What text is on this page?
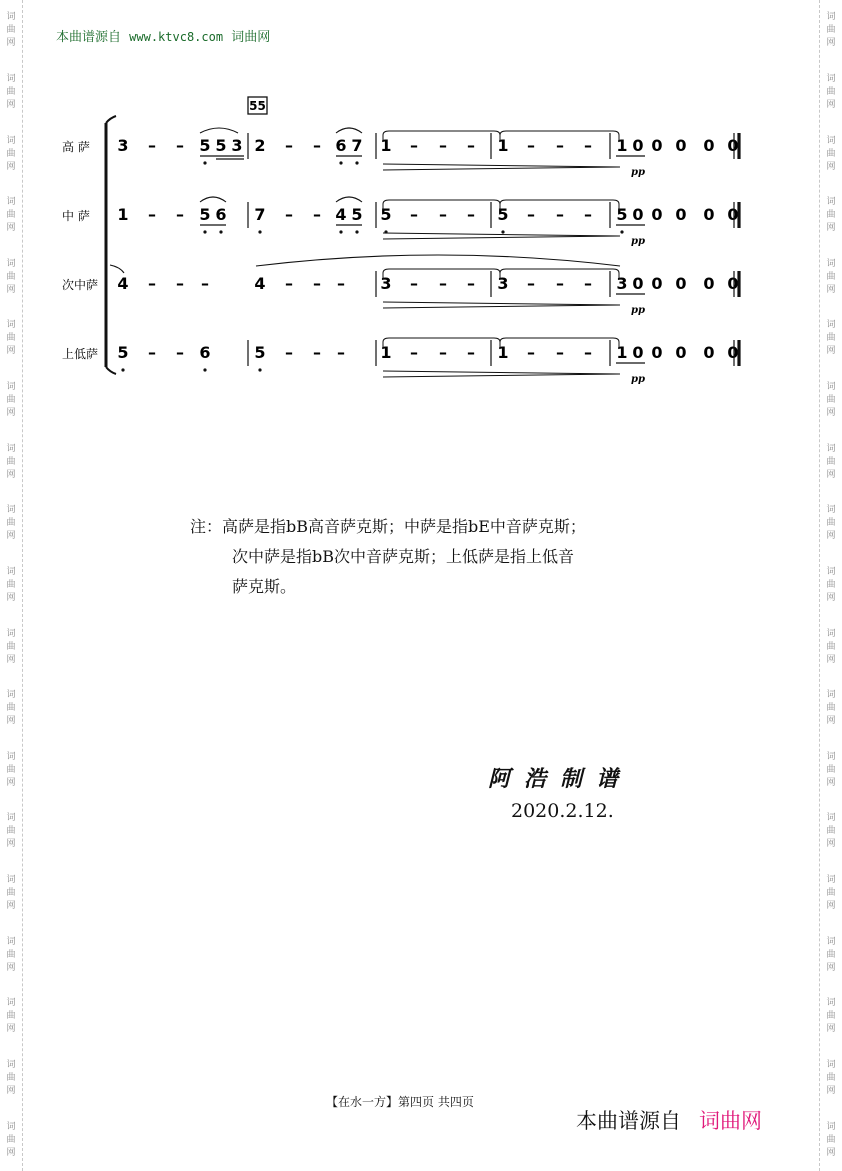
词
曲
网
词
曲
网
词
曲
网
词
曲
网
词
曲
网
词
曲
网
词
曲
网
词
曲
网
词
曲
网
词
曲
网
词
曲
网
词
曲
网
词
曲
网
词
曲
网
词
曲
网
词
曲
网
词
曲
网
词
曲
网
词
曲
网
词
曲
网
词
曲
网
词
曲
网
词
曲
网
词
曲
网
词
曲
网
词
曲
网
词
曲
网
词
曲
网
词
曲
网
词
曲
网
词
曲
网
词
曲
网
词
曲
网
词
曲
网
词
曲
网
词
曲
网
词
曲
网
词
曲
网
本曲谱源自 www.ktvc8.com 词曲网
55
高 萨 3 – – 5 5 3 2 – – 6 7 1 – – – 1 – – – 1 0 0 0 0 0
pp
中 萨 1 – – 5 6 7 – – 4 5 5 – – – 5 – – – 5 0 0 0 0 0
pp
次中萨 4 – – –	4 – – – 3 – – – 3 – – – 3 0 0 0 0 0
pp
上低萨 5 – – 6	5 – – – 1 – – – 1 – – – 1 0 0 0 0 0
pp
注：高萨是指bB高音萨克斯；中萨是指bE中音萨克斯；
次中萨是指bB次中音萨克斯；上低萨是指上低音
萨克斯。
阿浩制谱
2020.2.12.
【在水一方】第四页 共四页
本曲谱源自 词曲网
